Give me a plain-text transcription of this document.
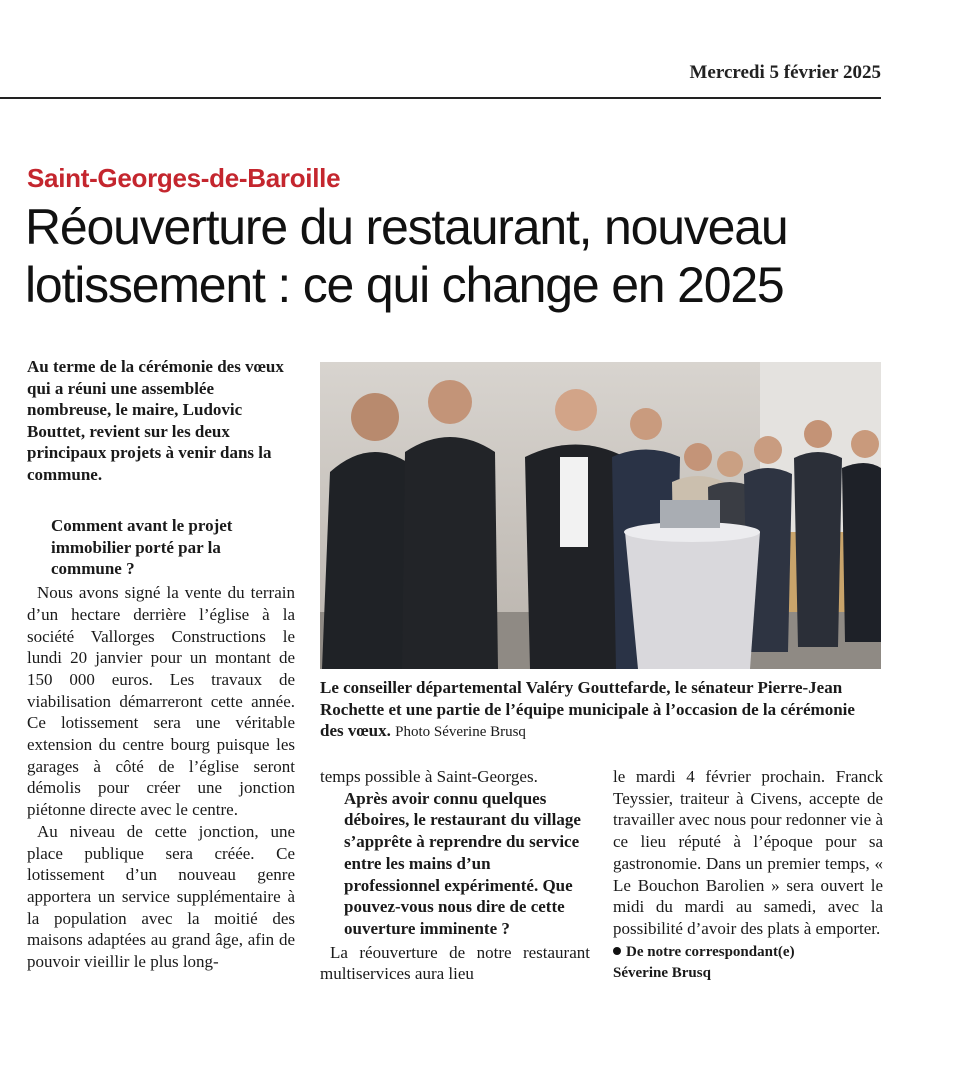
Mercredi 5 février 2025
Saint-Georges-de-Baroille
Réouverture du restaurant, nouveau
lotissement : ce qui change en 2025
Au terme de la cérémonie des vœux qui a réuni une assemblée nombreuse, le maire, Ludovic Bouttet, revient sur les deux principaux projets à venir dans la commune.

Comment avant le projet immobilier porté par la commune ?

Nous avons signé la vente du terrain d’un hectare derrière l’église à la société Vallorges Constructions le lundi 20 janvier pour un montant de 150 000 euros. Les travaux de viabilisation démarreront cette année. Ce lotissement sera une véritable extension du centre bourg puisque les garages à côté de l’église seront démolis pour créer une jonction piétonne directe avec le centre.

Au niveau de cette jonction, une place publique sera créée. Ce lotissement d’un nouveau genre apportera un service supplémentaire à la population avec la moitié des maisons adaptées au grand âge, afin de pouvoir vieillir le plus long-

Le conseiller départemental Valéry Gouttefarde, le sénateur Pierre-Jean Rochette et une partie de l’équipe municipale à l’occasion de la cérémonie des vœux. Photo Séverine Brusq

temps possible à Saint-Georges.

Après avoir connu quelques déboires, le restaurant du village s’apprête à reprendre du service entre les mains d’un professionnel expérimenté. Que pouvez-vous nous dire de cette ouverture imminente ?

La réouverture de notre restaurant multiservices aura lieu

le mardi 4 février prochain. Franck Teyssier, traiteur à Civens, accepte de travailler avec nous pour redonner vie à ce lieu réputé à l’époque pour sa gastronomie. Dans un premier temps, « Le Bouchon Barolien » sera ouvert le midi du mardi au samedi, avec la possibilité d’avoir des plats à emporter.

De notre correspondant(e)
Séverine Brusq
